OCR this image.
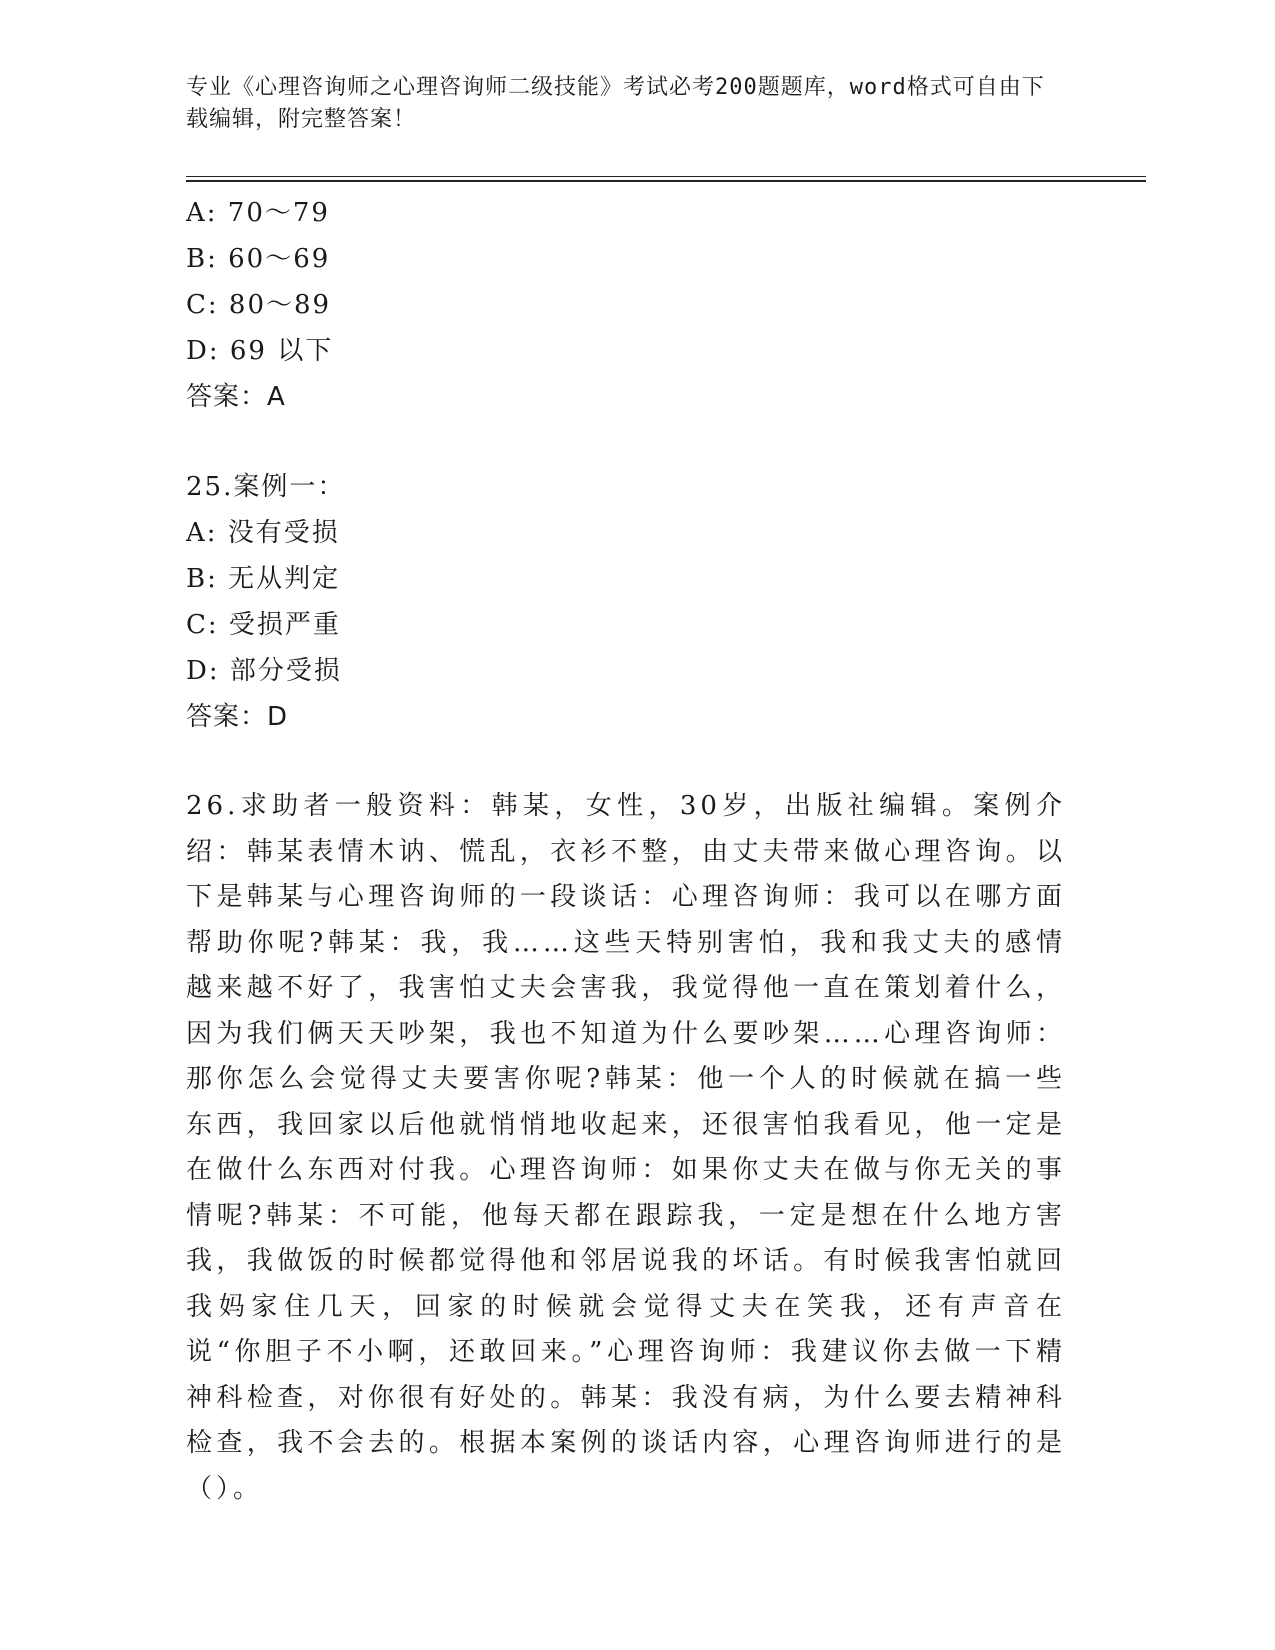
专业《心理咨询师之心理咨询师二级技能》考试必考200题题库，word格式可自由下载编辑，附完整答案！
A: 70～79
B: 60～69
C: 80～89
D: 69 以下
答案：A
25.案例一：
A: 没有受损
B: 无从判定
C: 受损严重
D: 部分受损
答案：D
26.求助者一般资料：韩某，女性，30岁，出版社编辑。案例介绍：韩某表情木讷、慌乱，衣衫不整，由丈夫带来做心理咨询。以下是韩某与心理咨询师的一段谈话：心理咨询师：我可以在哪方面帮助你呢?韩某：我，我……这些天特别害怕，我和我丈夫的感情越来越不好了，我害怕丈夫会害我，我觉得他一直在策划着什么，因为我们俩天天吵架，我也不知道为什么要吵架……心理咨询师：那你怎么会觉得丈夫要害你呢?韩某：他一个人的时候就在搞一些东西，我回家以后他就悄悄地收起来，还很害怕我看见，他一定是在做什么东西对付我。心理咨询师：如果你丈夫在做与你无关的事情呢?韩某：不可能，他每天都在跟踪我，一定是想在什么地方害我，我做饭的时候都觉得他和邻居说我的坏话。有时候我害怕就回我妈家住几天，回家的时候就会觉得丈夫在笑我，还有声音在说“你胆子不小啊，还敢回来。”心理咨询师：我建议你去做一下精神科检查，对你很有好处的。韩某：我没有病，为什么要去精神科检查，我不会去的。根据本案例的谈话内容，心理咨询师进行的是（）。
